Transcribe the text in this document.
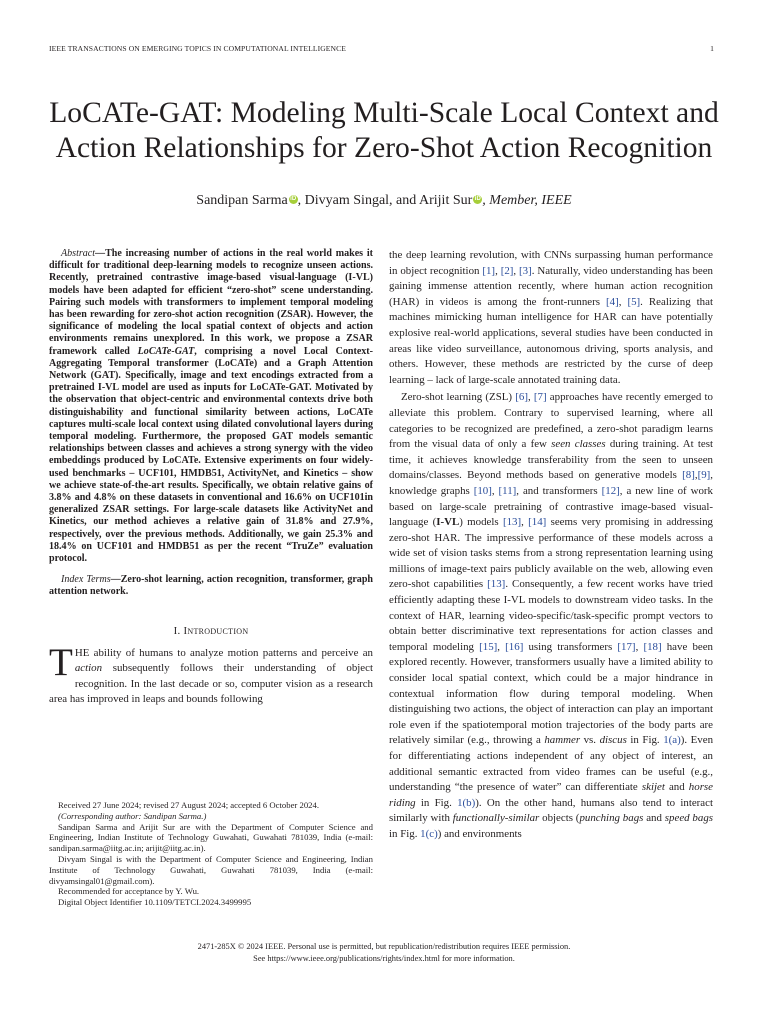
IEEE TRANSACTIONS ON EMERGING TOPICS IN COMPUTATIONAL INTELLIGENCE	1
LoCATe-GAT: Modeling Multi-Scale Local Context and Action Relationships for Zero-Shot Action Recognition
Sandipan Sarma iD , Divyam Singal, and Arijit Sur iD , Member, IEEE

Abstract—The increasing number of actions in the real world makes it difficult for traditional deep-learning models to recognize unseen actions. Recently, pretrained contrastive image-based visual-language (I-VL) models have been adapted for efficient “zero-shot” scene understanding. Pairing such models with transformers to implement temporal modeling has been rewarding for zero-shot action recognition (ZSAR). However, the significance of modeling the local spatial context of objects and action environments remains unexplored. In this work, we propose a ZSAR framework called LoCATe-GAT, comprising a novel Local Context-Aggregating Temporal transformer (LoCATe) and a Graph Attention Network (GAT). Specifically, image and text encodings extracted from a pretrained I-VL model are used as inputs for LoCATe-GAT. Motivated by the observation that object-centric and environmental contexts drive both distinguishability and functional similarity between actions, LoCATe captures multi-scale local context using dilated convolutional layers during temporal modeling. Furthermore, the proposed GAT models semantic relationships between classes and achieves a strong synergy with the video embeddings produced by LoCATe. Extensive experiments on four widely-used benchmarks – UCF101, HMDB51, ActivityNet, and Kinetics – show we achieve state-of-the-art results. Specifically, we obtain relative gains of 3.8% and 4.8% on these datasets in conventional and 16.6% on UCF101in generalized ZSAR settings. For large-scale datasets like ActivityNet and Kinetics, our method achieves a relative gain of 31.8% and 27.9%, respectively, over the previous methods. Additionally, we gain 25.3% and 18.4% on UCF101 and HMDB51 as per the recent “TruZe” evaluation protocol.

Index Terms—Zero-shot learning, action recognition, transformer, graph attention network.

I. Introduction

THE ability of humans to analyze motion patterns and perceive an action subsequently follows their understanding of object recognition. In the last decade or so, computer vision as a research area has improved in leaps and bounds following

Received 27 June 2024; revised 27 August 2024; accepted 6 October 2024.

(Corresponding author: Sandipan Sarma.)

Sandipan Sarma and Arijit Sur are with the Department of Computer Science and Engineering, Indian Institute of Technology Guwahati, Guwahati 781039, India (e-mail: sandipan.sarma@iitg.ac.in; arijit@iitg.ac.in).

Divyam Singal is with the Department of Computer Science and Engineering, Indian Institute of Technology Guwahati, Guwahati 781039, India (e-mail: divyamsingal01@gmail.com).

Recommended for acceptance by Y. Wu.

Digital Object Identifier 10.1109/TETCI.2024.3499995

the deep learning revolution, with CNNs surpassing human performance in object recognition [1], [2], [3]. Naturally, video understanding has been gaining immense attention recently, where human action recognition (HAR) in videos is among the front-runners [4], [5]. Realizing that machines mimicking human intelligence for HAR can have potentially explosive real-world applications, several studies have been conducted in areas like video surveillance, autonomous driving, sports analysis, and others. However, these methods are restricted by the curse of deep learning – lack of large-scale annotated training data.

Zero-shot learning (ZSL) [6], [7] approaches have recently emerged to alleviate this problem. Contrary to supervised learning, where all categories to be recognized are predefined, a zero-shot paradigm learns from the visual data of only a few seen classes during training. At test time, it achieves knowledge transferability from the seen to unseen domains/classes. Beyond methods based on generative models [8],[9], knowledge graphs [10], [11], and transformers [12], a new line of work based on large-scale pretraining of contrastive image-based visual-language (I-VL) models [13], [14] seems very promising in addressing zero-shot HAR. The impressive performance of these models across a wide set of vision tasks stems from a strong representation learning using millions of image-text pairs publicly available on the web, allowing even zero-shot capabilities [13]. Consequently, a few recent works have tried efficiently adapting these I-VL models to downstream video tasks. In the context of HAR, learning video-specific/task-specific prompt vectors to obtain better discriminative text representations for action classes and temporal modeling [15], [16] using transformers [17], [18] have been explored recently. However, transformers usually have a limited ability to consider local spatial context, which could be a major hindrance in contextual information flow during temporal modeling. When distinguishing two actions, the object of interaction can play an important role even if the spatiotemporal motion trajectories of the body parts are relatively similar (e.g., throwing a hammer vs. discus in Fig. 1(a)). Even for differentiating actions independent of any object of interest, an additional semantic extracted from video frames can be useful (e.g., understanding “the presence of water” can differentiate skijet and horse riding in Fig. 1(b)). On the other hand, humans also tend to interact similarly with functionally-similar objects (punching bags and speed bags in Fig. 1(c)) and environments

2471-285X © 2024 IEEE. Personal use is permitted, but republication/redistribution requires IEEE permission.

See https://www.ieee.org/publications/rights/index.html for more information.
